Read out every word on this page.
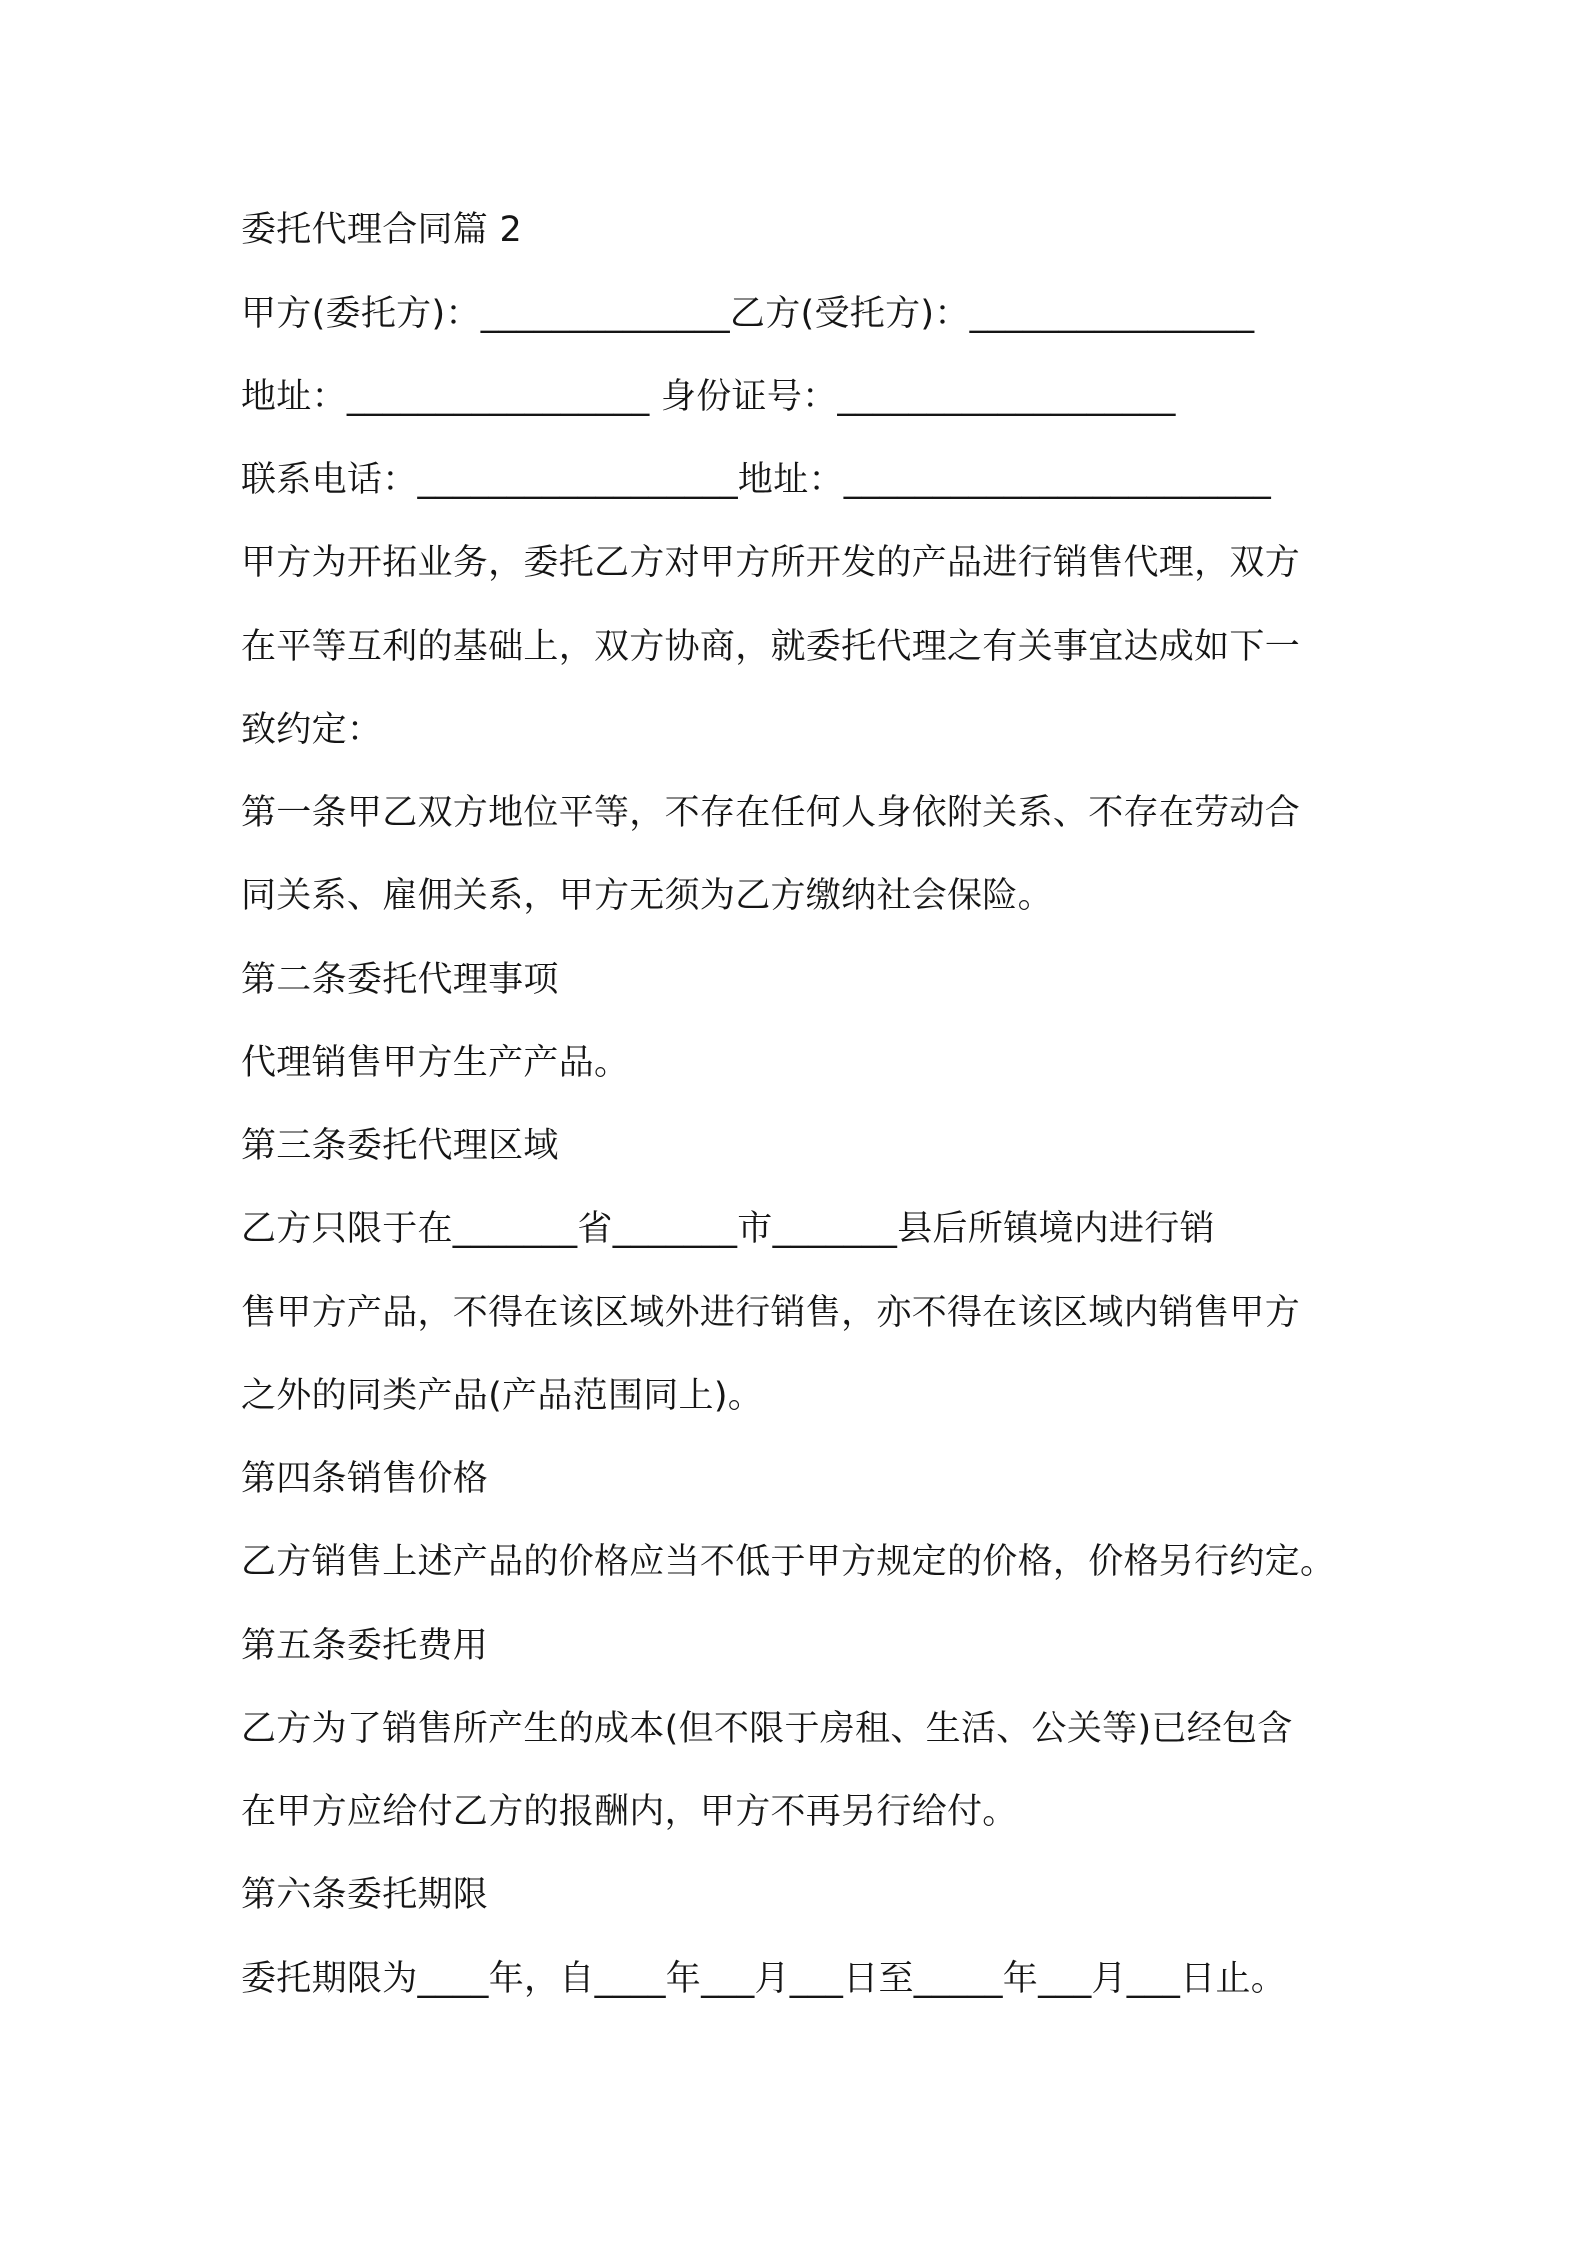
委托代理合同篇 2

甲方(委托方)：______________乙方(受托方)：________________

地址：_________________ 身份证号：___________________

联系电话：__________________地址：________________________

甲方为开拓业务，委托乙方对甲方所开发的产品进行销售代理，双方

在平等互利的基础上，双方协商，就委托代理之有关事宜达成如下一

致约定：

第一条甲乙双方地位平等，不存在任何人身依附关系、不存在劳动合

同关系、雇佣关系，甲方无须为乙方缴纳社会保险。

第二条委托代理事项

代理销售甲方生产产品。

第三条委托代理区域

乙方只限于在_______省_______市_______县后所镇境内进行销

售甲方产品，不得在该区域外进行销售，亦不得在该区域内销售甲方

之外的同类产品(产品范围同上)。

第四条销售价格

乙方销售上述产品的价格应当不低于甲方规定的价格，价格另行约定。

第五条委托费用

乙方为了销售所产生的成本(但不限于房租、生活、公关等)已经包含

在甲方应给付乙方的报酬内，甲方不再另行给付。

第六条委托期限

委托期限为____年，自____年___月___日至_____年___月___日止。
